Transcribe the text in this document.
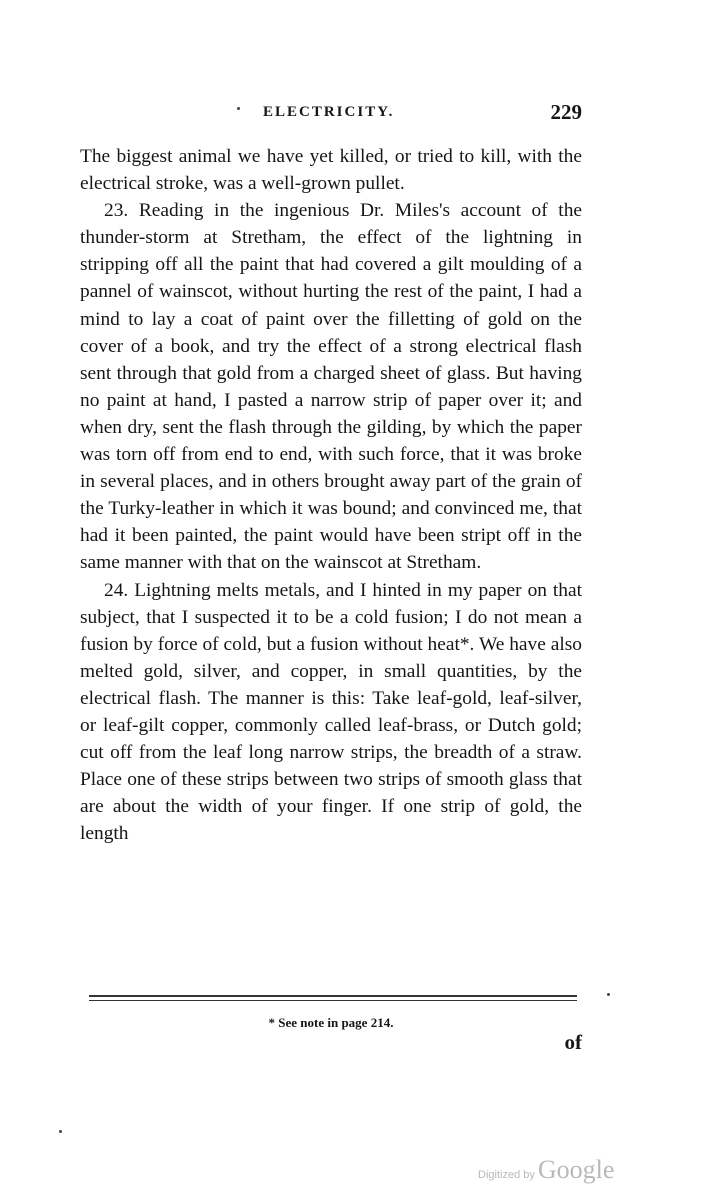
ELECTRICITY.	229

The biggest animal we have yet killed, or tried to kill, with the electrical stroke, was a well-grown pullet.

23. Reading in the ingenious Dr. Miles's account of the thunder-storm at Stretham, the effect of the lightning in stripping off all the paint that had covered a gilt moulding of a pannel of wainscot, without hurting the rest of the paint, I had a mind to lay a coat of paint over the filletting of gold on the cover of a book, and try the effect of a strong electrical flash sent through that gold from a charged sheet of glass. But having no paint at hand, I pasted a narrow strip of paper over it; and when dry, sent the flash through the gilding, by which the paper was torn off from end to end, with such force, that it was broke in several places, and in others brought away part of the grain of the Turky-leather in which it was bound; and convinced me, that had it been painted, the paint would have been stript off in the same manner with that on the wainscot at Stretham.

24. Lightning melts metals, and I hinted in my paper on that subject, that I suspected it to be a cold fusion; I do not mean a fusion by force of cold, but a fusion without heat*. We have also melted gold, silver, and copper, in small quantities, by the electrical flash. The manner is this: Take leaf-gold, leaf-silver, or leaf-gilt copper, commonly called leaf-brass, or Dutch gold; cut off from the leaf long narrow strips, the breadth of a straw. Place one of these strips between two strips of smooth glass that are about the width of your finger. If one strip of gold, the length

* See note in page 214.
of
Digitized by Google
